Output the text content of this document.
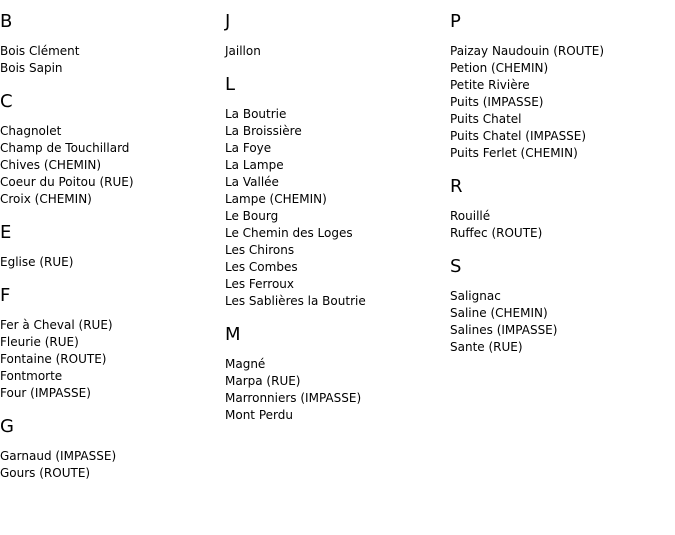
B
Bois Clément
Bois Sapin
C
Chagnolet
Champ de Touchillard
Chives (CHEMIN)
Coeur du Poitou (RUE)
Croix (CHEMIN)
E
Eglise (RUE)
F
Fer à Cheval (RUE)
Fleurie (RUE)
Fontaine (ROUTE)
Fontmorte
Four (IMPASSE)
G
Garnaud (IMPASSE)
Gours (ROUTE)
J
Jaillon
L
La Boutrie
La Broissière
La Foye
La Lampe
La Vallée
Lampe (CHEMIN)
Le Bourg
Le Chemin des Loges
Les Chirons
Les Combes
Les Ferroux
Les Sablières la Boutrie
M
Magné
Marpa (RUE)
Marronniers (IMPASSE)
Mont Perdu
P
Paizay Naudouin (ROUTE)
Petion (CHEMIN)
Petite Rivière
Puits (IMPASSE)
Puits Chatel
Puits Chatel (IMPASSE)
Puits Ferlet (CHEMIN)
R
Rouillé
Ruffec (ROUTE)
S
Salignac
Saline (CHEMIN)
Salines (IMPASSE)
Sante (RUE)
